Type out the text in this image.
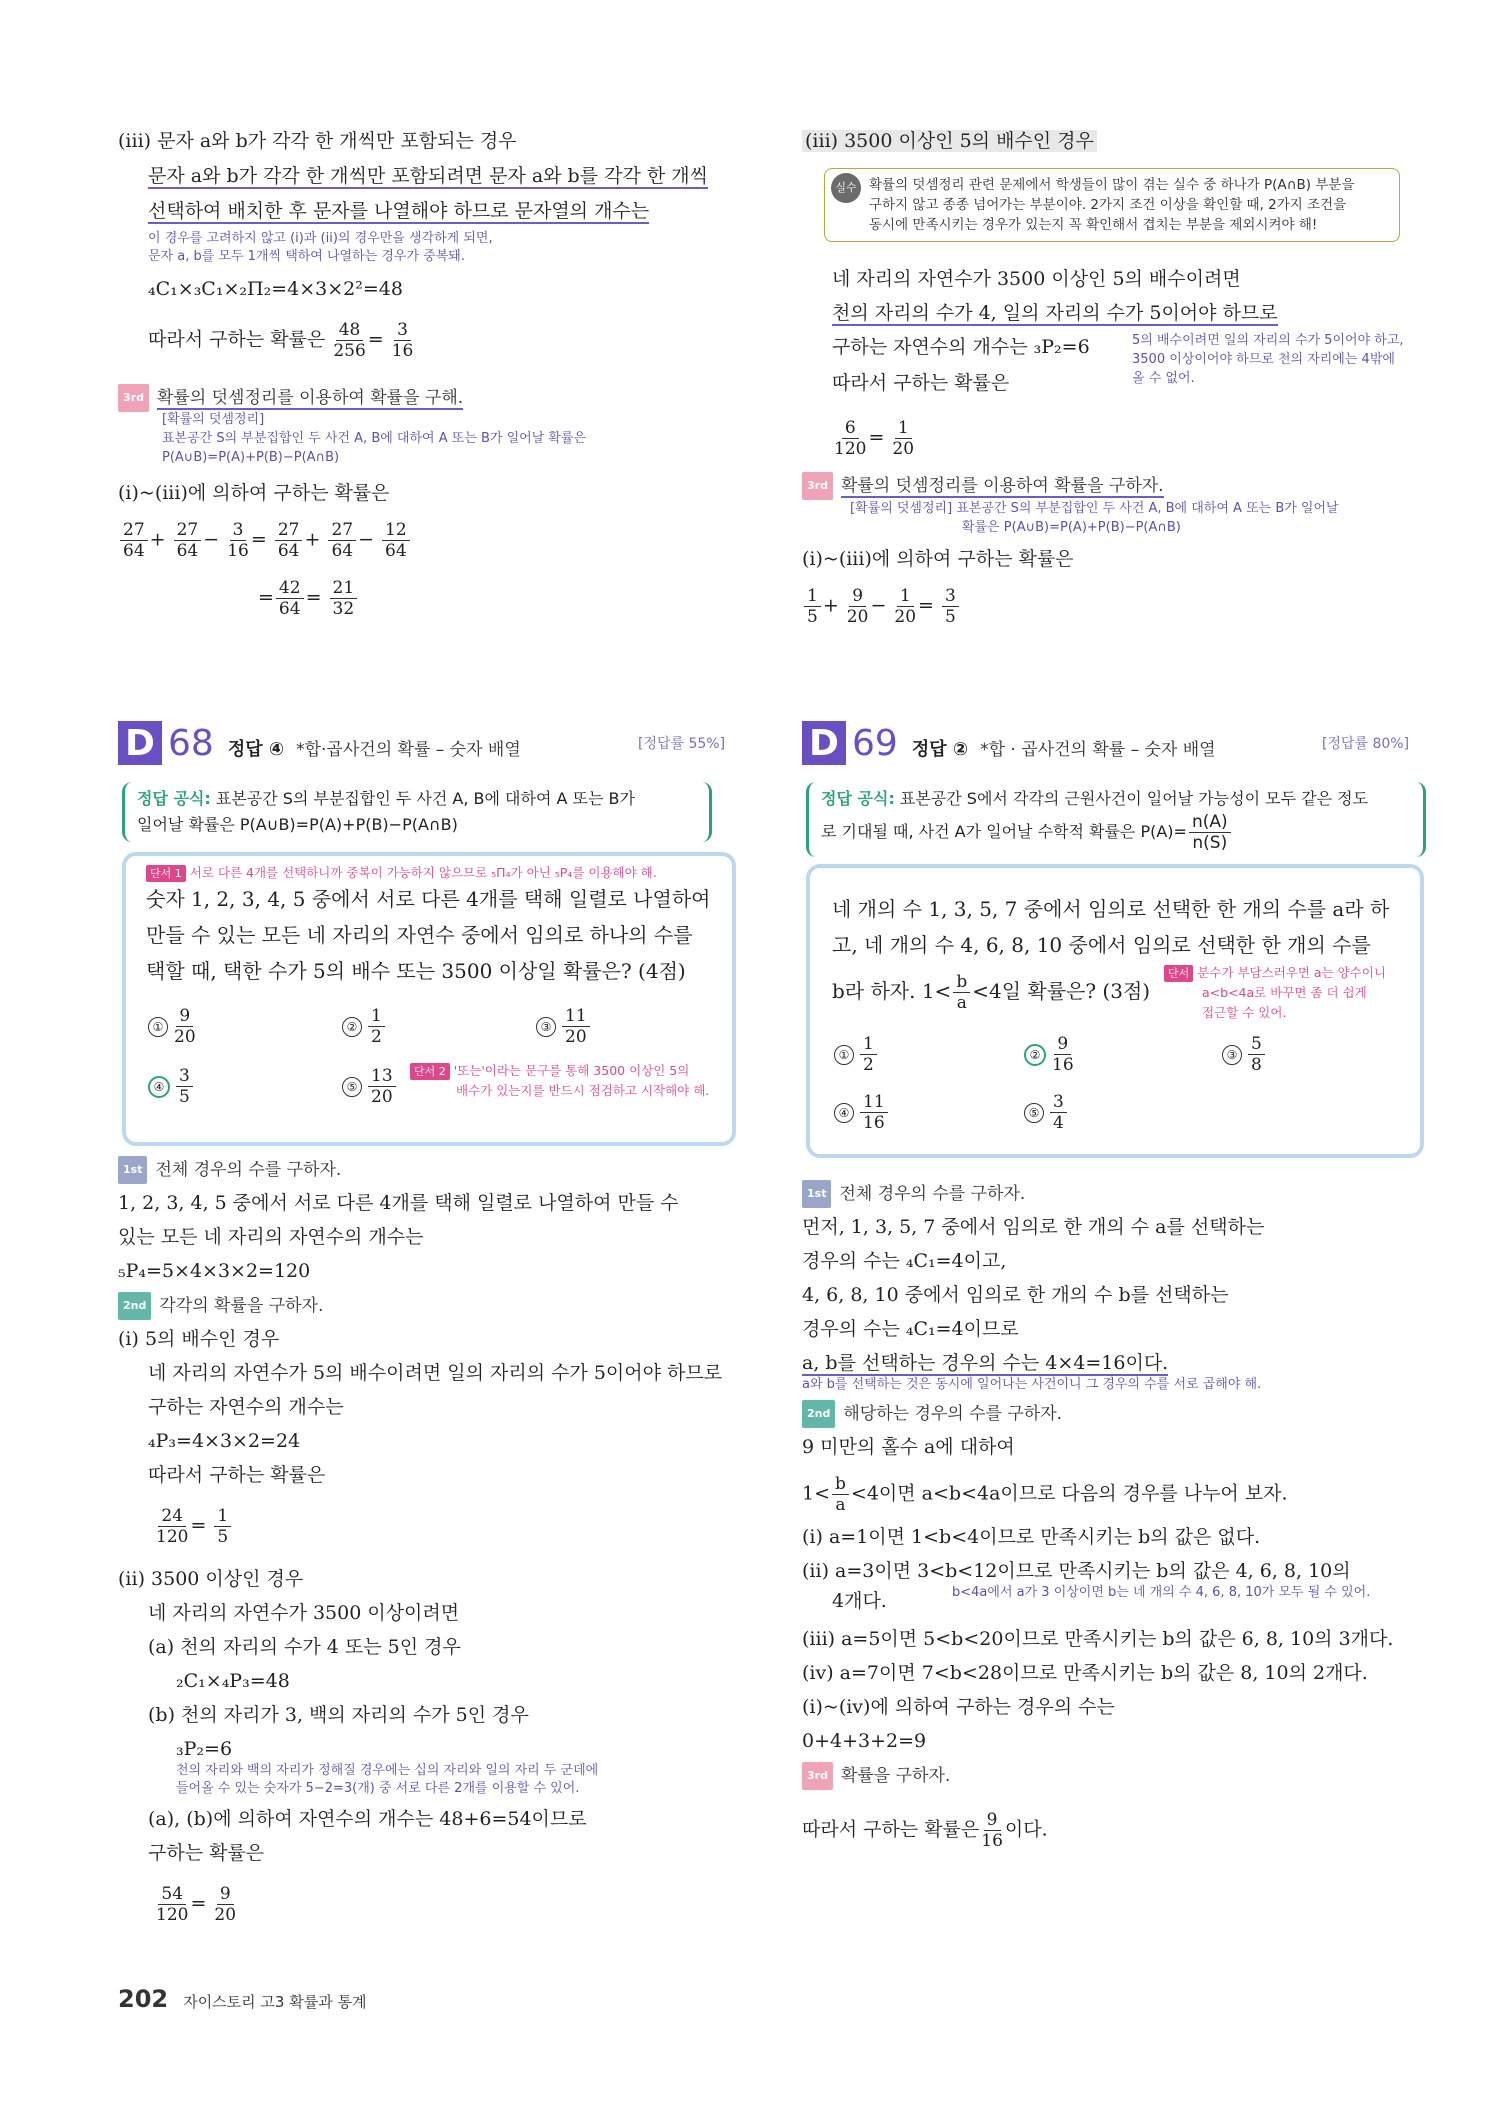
(iii) 문자 a와 b가 각각 한 개씩만 포함되는 경우
문자 a와 b가 각각 한 개씩만 포함되려면 문자 a와 b를 각각 한 개씩
선택하여 배치한 후 문자를 나열해야 하므로 문자열의 개수는
이 경우를 고려하지 않고 (i)과 (ii)의 경우만을 생각하게 되면,
문자 a, b를 모두 1개씩 택하여 나열하는 경우가 중복돼.
₄C₁×₃C₁×₂Π₂=4×3×2²=48
따라서 구하는 확률은 $\frac{48}{256} = \frac{3}{16}$
3rd 확률의 덧셈정리를 이용하여 확률을 구해.
[확률의 덧셈정리]
표본공간 S의 부분집합인 두 사건 A, B에 대하여 A 또는 B가 일어날 확률은
P(A∪B)=P(A)+P(B)−P(A∩B)
(i)~(iii)에 의하여 구하는 확률은
$\frac{27}{64} + \frac{27}{64} - \frac{3}{16} = \frac{27}{64} + \frac{27}{64} - \frac{12}{64}$
= $\frac{42}{64} = \frac{21}{32}$
(iii) 3500 이상인 5의 배수인 경우
실수 확률의 덧셈정리 관련 문제에서 학생들이 많이 겪는 실수 중 하나가 P(A∩B) 부분을
구하지 않고 종종 넘어가는 부분이야. 2가지 조건 이상을 확인할 때, 2가지 조건을
동시에 만족시키는 경우가 있는지 꼭 확인해서 겹치는 부분을 제외시켜야 해!
네 자리의 자연수가 3500 이상인 5의 배수이려면
천의 자리의 수가 4, 일의 자리의 수가 5이어야 하므로
구하는 자연수의 개수는 ₃P₂=6	5의 배수이려면 일의 자리의 수가 5이어야 하고,
3500 이상이어야 하므로 천의 자리에는 4밖에
올 수 없어.
따라서 구하는 확률은
$\frac{6}{120} = \frac{1}{20}$
3rd 확률의 덧셈정리를 이용하여 확률을 구하자.
[확률의 덧셈정리] 표본공간 S의 부분집합인 두 사건 A, B에 대하여 A 또는 B가 일어날
확률은 P(A∪B)=P(A)+P(B)−P(A∩B)
(i)~(iii)에 의하여 구하는 확률은
$\frac{1}{5} + \frac{9}{20} - \frac{1}{20} = \frac{3}{5}$
D 68 정답 ④ *합·곱사건의 확률 – 숫자 배열	[정답률 55%]
정답 공식: 표본공간 S의 부분집합인 두 사건 A, B에 대하여 A 또는 B가
일어날 확률은 P(A∪B)=P(A)+P(B)−P(A∩B)
단서 1 서로 다른 4개를 선택하니까 중복이 가능하지 않으므로 ₅Π₄가 아닌 ₅P₄를 이용해야 해.
숫자 1, 2, 3, 4, 5 중에서 서로 다른 4개를 택해 일렬로 나열하여
만들 수 있는 모든 네 자리의 자연수 중에서 임의로 하나의 수를
택할 때, 택한 수가 5의 배수 또는 3500 이상일 확률은? (4점)
① $\frac{9}{20}$	② $\frac{1}{2}$	③ $\frac{11}{20}$
④ $\frac{3}{5}$	⑤ $\frac{13}{20}$	단서 2 '또는'이라는 문구를 통해 3500 이상인 5의
배수가 있는지를 반드시 점검하고 시작해야 해.
1st 전체 경우의 수를 구하자.
1, 2, 3, 4, 5 중에서 서로 다른 4개를 택해 일렬로 나열하여 만들 수
있는 모든 네 자리의 자연수의 개수는
₅P₄=5×4×3×2=120
2nd 각각의 확률을 구하자.
(i) 5의 배수인 경우
네 자리의 자연수가 5의 배수이려면 일의 자리의 수가 5이어야 하므로
구하는 자연수의 개수는
₄P₃=4×3×2=24
따라서 구하는 확률은
$\frac{24}{120} = \frac{1}{5}$
(ii) 3500 이상인 경우
네 자리의 자연수가 3500 이상이려면
(a) 천의 자리의 수가 4 또는 5인 경우
₂C₁×₄P₃=48
(b) 천의 자리가 3, 백의 자리의 수가 5인 경우
₃P₂=6
천의 자리와 백의 자리가 정해질 경우에는 십의 자리와 일의 자리 두 군데에
들어올 수 있는 숫자가 5−2=3(개) 중 서로 다른 2개를 이용할 수 있어.
(a), (b)에 의하여 자연수의 개수는 48+6=54이므로
구하는 확률은
$\frac{54}{120} = \frac{9}{20}$
D 69 정답 ② *합 · 곱사건의 확률 – 숫자 배열	[정답률 80%]
정답 공식: 표본공간 S에서 각각의 근원사건이 일어날 가능성이 모두 같은 정도
로 기대될 때, 사건 A가 일어날 수학적 확률은 $P(A)= \frac{n(A)}{n(S)}$
네 개의 수 1, 3, 5, 7 중에서 임의로 선택한 한 개의 수를 a라 하
고, 네 개의 수 4, 6, 8, 10 중에서 임의로 선택한 한 개의 수를
b라 하자. $1< \frac{b}{a} <4$일 확률은? (3점)
단서 분수가 부담스러우면 a는 양수이니
a<b<4a로 바꾸면 좀 더 쉽게
접근할 수 있어.
① $\frac{1}{2}$	② $\frac{9}{16}$	③ $\frac{5}{8}$
④ $\frac{11}{16}$	⑤ $\frac{3}{4}$
1st 전체 경우의 수를 구하자.
먼저, 1, 3, 5, 7 중에서 임의로 한 개의 수 a를 선택하는
경우의 수는 ₄C₁=4이고,
4, 6, 8, 10 중에서 임의로 한 개의 수 b를 선택하는
경우의 수는 ₄C₁=4이므로
a, b를 선택하는 경우의 수는 4×4=16이다.
a와 b를 선택하는 것은 동시에 일어나는 사건이니 그 경우의 수를 서로 곱해야 해.
2nd 해당하는 경우의 수를 구하자.
9 미만의 홀수 a에 대하여
$1< \frac{b}{a} <4$이면 a<b<4a이므로 다음의 경우를 나누어 보자.
(i) a=1이면 1<b<4이므로 만족시키는 b의 값은 없다.
(ii) a=3이면 3<b<12이므로 만족시키는 b의 값은 4, 6, 8, 10의
4개다.	b<4a에서 a가 3 이상이면 b는 네 개의 수 4, 6, 8, 10가 모두 될 수 있어.
(iii) a=5이면 5<b<20이므로 만족시키는 b의 값은 6, 8, 10의 3개다.
(iv) a=7이면 7<b<28이므로 만족시키는 b의 값은 8, 10의 2개다.
(i)~(iv)에 의하여 구하는 경우의 수는
0+4+3+2=9
3rd 확률을 구하자.
따라서 구하는 확률은 $\frac{9}{16}$ 이다.
202 자이스토리 고3 확률과 통계
